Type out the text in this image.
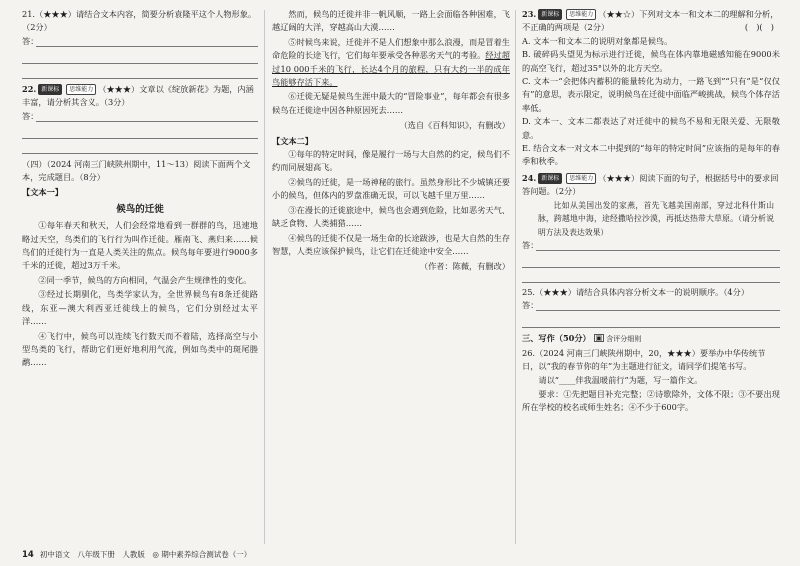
21.（★★★）请结合文本内容，简要分析袁隆平这个人物形象。（2分）

答：

22. 新课标 思维能力 （★★★）文章以《绽放新花》为题，内涵丰富，请分析其含义。（3分）

答：

（四）（2024 河南三门峡陕州期中，11～13）阅读下面两个文本，完成题目。（8分）

【文本一】

候鸟的迁徙

①每年春天和秋天，人们会经常地看到一群群的鸟，迅速地略过天空，鸟类们的飞行行为叫作迁徙。雁南飞、燕归来……候鸟们的迁徙行为一直是人类关注的焦点。候鸟每年要进行9000多千米的迁徙，超过3万千米。

②同一季节，候鸟的方向相同，气温会产生规律性的变化。

③经过长期驯化，鸟类学家认为，全世界候鸟有8条迁徙路线，东亚—澳大利西亚迁徙线上的候鸟，它们分别经过太平洋……

④飞行中，候鸟可以连续飞行数天而不着陆，选择高空与小型鸟类的飞行，帮助它们更好地利用气流，例如鸟类中的斑尾塍鹬……

然而，候鸟的迁徙并非一帆风顺，一路上会面临各种困难，飞越辽阔的大洋，穿越高山大漠……

⑤时候鸟来说，迁徙并不是人们想象中那么浪漫，而是冒着生命危险的长途飞行，它们每年要承受各种恶劣天气的考验。经过超过10 000千米的飞行，长达4个月的旅程，只有大约一半的成年鸟能够存活下来。

⑥迁徙无疑是候鸟生涯中最大的“冒险事业”，每年都会有很多候鸟在迁徙途中因各种原因死去……

（选自《百科知识》，有删改）

【文本二】

①每年的特定时间，像是履行一场与大自然的约定，候鸟们不约而同展翅高飞。

②候鸟的迁徙，是一场神秘的旅行。虽然身形比不少城镇还要小的候鸟，但体内的罗盘准确无误，可以飞越千里万里……

③在漫长的迁徙旅途中，候鸟也会遇到危险，比如恶劣天气、缺乏食物、人类捕猎……

④候鸟的迁徙不仅是一场生命的长途跋涉，也是大自然的生存智慧，人类应该保护候鸟，让它们在迁徙途中安全……

（作者：陈薇，有删改）

23. 新课标 思维能力 （★★☆）下列对文本一和文本二的理解和分析，不正确的两项是（2分）	(　)(　)

A. 文本一和文本二的说明对象都是候鸟。

B. 破碎码头望见为标示进行迁徙，候鸟在体内靠地磁感知能在9000米的高空飞行，超过35°以外的北方天空。

C. 文本一“会把体内蓄积的能量转化为动力，一路飞到”“只有”是“仅仅有”的意思，表示限定，说明候鸟在迁徙中面临严峻挑战，候鸟个体存活率低。

D. 文本一、文本二都表达了对迁徙中的候鸟不易和无限关爱、无限敬意。

E. 结合文本一对文本二中提到的“每年的特定时间”应该指的是每年的春季和秋季。

24. 新课标 思维能力 （★★★）阅读下面的句子，根据括号中的要求回答问题。（2分）

比如从美国出发的家燕，首先飞越美国南部，穿过北科什斯山脉，跨越地中海，途经撒哈拉沙漠，再抵达热带大草原。（请分析说明方法及表达效果）

答：

25.（★★★）请结合具体内容分析文本一的说明顺序。（4分）

答：

三、写作（50分） ▣ 含评分细则

26.（2024 河南三门峡陕州期中，20，★★★）要举办中华传统节日，以“我的春节你的年”为主题进行征文，请同学们提笔书写。

请以“____伴我温暖前行”为题，写一篇作文。

要求：①先把题目补充完整；②诗歌除外，文体不限；③不要出现所在学校的校名或师生姓名；④不少于600字。

14 初中语文　八年级下册　人教版　◎ 期中素养综合测试卷（一）
